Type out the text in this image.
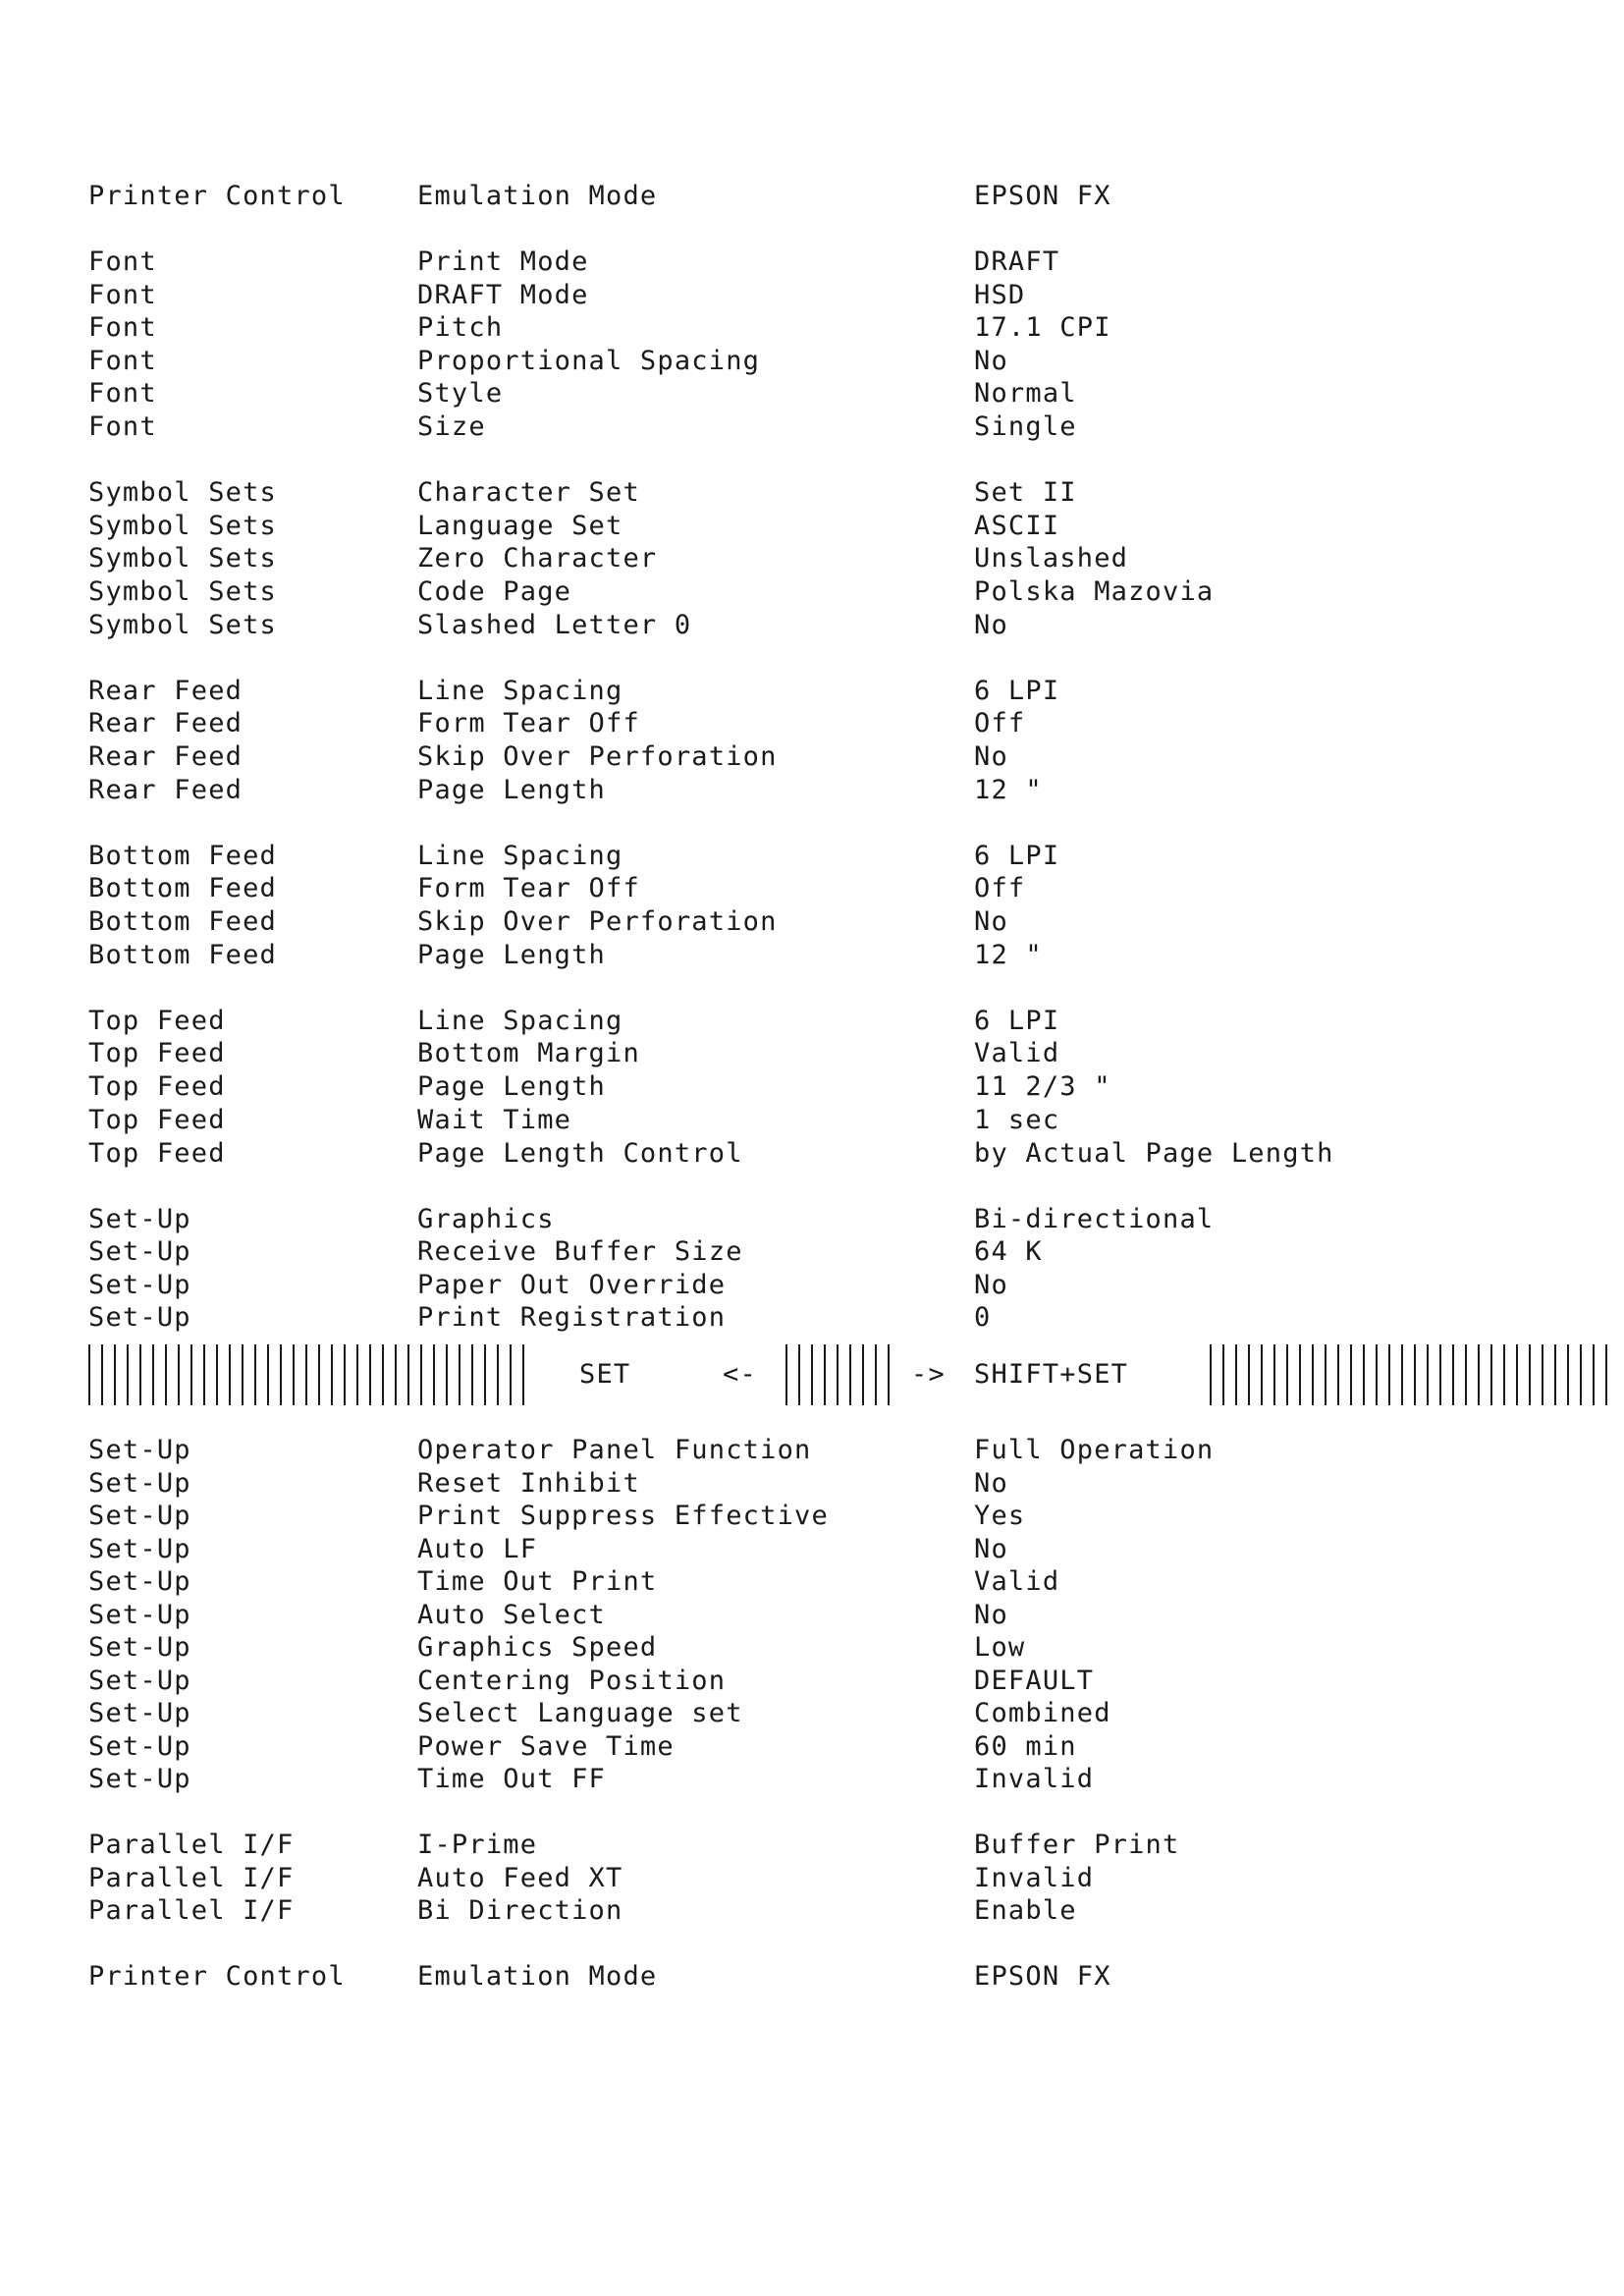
Printer Control	Emulation Mode	EPSON FX
Font	Print Mode	DRAFT
Font	DRAFT Mode	HSD
Font	Pitch	17.1 CPI
Font	Proportional Spacing	No
Font	Style	Normal
Font	Size	Single
Symbol Sets	Character Set	Set II
Symbol Sets	Language Set	ASCII
Symbol Sets	Zero Character	Unslashed
Symbol Sets	Code Page	Polska Mazovia
Symbol Sets	Slashed Letter 0	No
Rear Feed	Line Spacing	6 LPI
Rear Feed	Form Tear Off	Off
Rear Feed	Skip Over Perforation	No
Rear Feed	Page Length	12 "
Bottom Feed	Line Spacing	6 LPI
Bottom Feed	Form Tear Off	Off
Bottom Feed	Skip Over Perforation	No
Bottom Feed	Page Length	12 "
Top Feed	Line Spacing	6 LPI
Top Feed	Bottom Margin	Valid
Top Feed	Page Length	11 2/3 "
Top Feed	Wait Time	1 sec
Top Feed	Page Length Control	by Actual Page Length
Set-Up	Graphics	Bi-directional
Set-Up	Receive Buffer Size	64 K
Set-Up	Paper Out Override	No
Set-Up	Print Registration	0
SET	<-	-> SHIFT+SET
Set-Up	Operator Panel Function	Full Operation
Set-Up	Reset Inhibit	No
Set-Up	Print Suppress Effective	Yes
Set-Up	Auto LF	No
Set-Up	Time Out Print	Valid
Set-Up	Auto Select	No
Set-Up	Graphics Speed	Low
Set-Up	Centering Position	DEFAULT
Set-Up	Select Language set	Combined
Set-Up	Power Save Time	60 min
Set-Up	Time Out FF	Invalid
Parallel I/F	I-Prime	Buffer Print
Parallel I/F	Auto Feed XT	Invalid
Parallel I/F	Bi Direction	Enable
Printer Control	Emulation Mode	EPSON FX
